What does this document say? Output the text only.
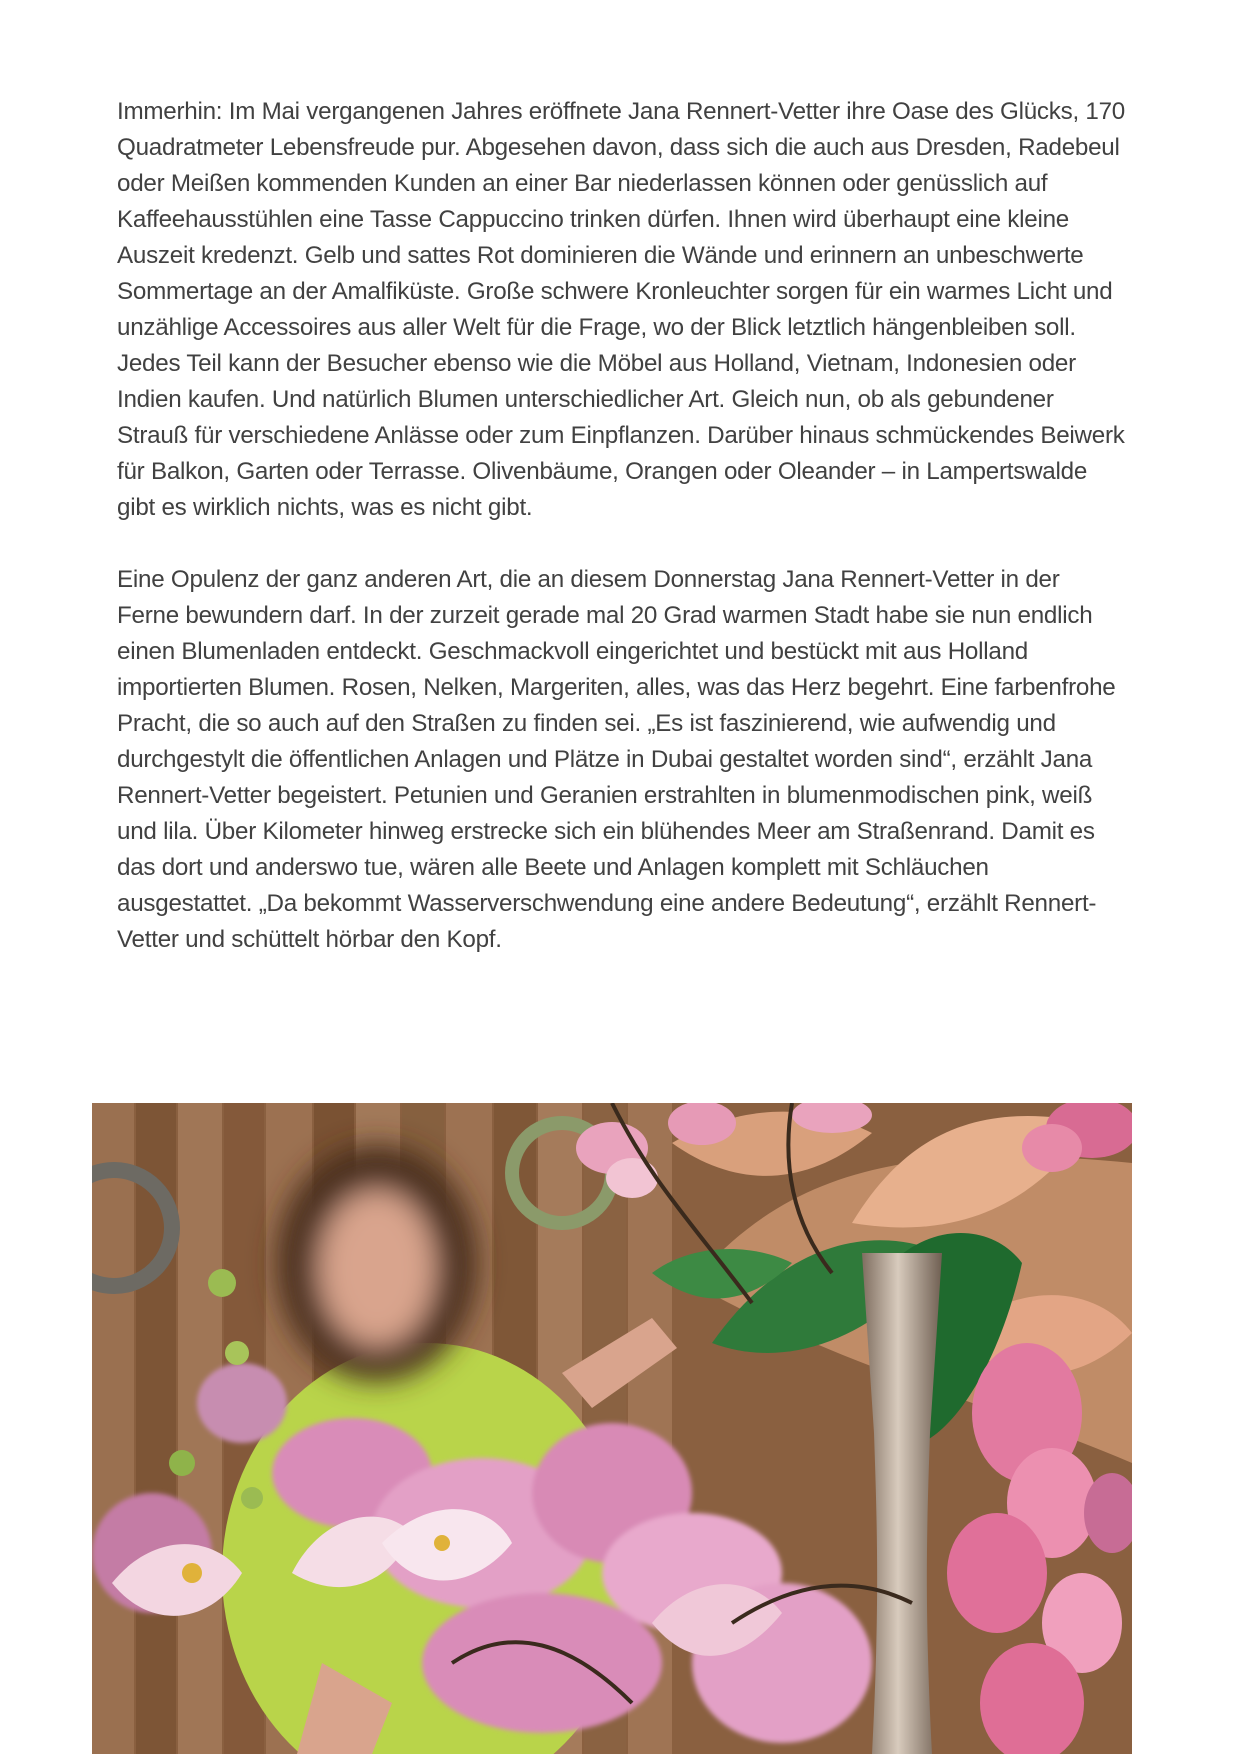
Immerhin: Im Mai vergangenen Jahres eröffnete Jana Rennert-Vetter ihre Oase des Glücks, 170 Quadratmeter Lebensfreude pur. Abgesehen davon, dass sich die auch aus Dresden, Radebeul oder Meißen kommenden Kunden an einer Bar niederlassen können oder genüsslich auf Kaffeehausstühlen eine Tasse Cappuccino trinken dürfen. Ihnen wird überhaupt eine kleine Auszeit kredenzt. Gelb und sattes Rot dominieren die Wände und erinnern an unbeschwerte Sommertage an der Amalfiküste. Große schwere Kronleuchter sorgen für ein warmes Licht und unzählige Accessoires aus aller Welt für die Frage, wo der Blick letztlich hängenbleiben soll. Jedes Teil kann der Besucher ebenso wie die Möbel aus Holland, Vietnam, Indonesien oder Indien kaufen. Und natürlich Blumen unterschiedlicher Art. Gleich nun, ob als gebundener Strauß für verschiedene Anlässe oder zum Einpflanzen. Darüber hinaus schmückendes Beiwerk für Balkon, Garten oder Terrasse. Olivenbäume, Orangen oder Oleander – in Lampertswalde gibt es wirklich nichts, was es nicht gibt.

Eine Opulenz der ganz anderen Art, die an diesem Donnerstag Jana Rennert-Vetter in der Ferne bewundern darf. In der zurzeit gerade mal 20 Grad warmen Stadt habe sie nun endlich einen Blumenladen entdeckt. Geschmackvoll eingerichtet und bestückt mit aus Holland importierten Blumen. Rosen, Nelken, Margeriten, alles, was das Herz begehrt. Eine farbenfrohe Pracht, die so auch auf den Straßen zu finden sei. „Es ist faszinierend, wie aufwendig und durchgestylt die öffentlichen Anlagen und Plätze in Dubai gestaltet worden sind“, erzählt Jana Rennert-Vetter begeistert. Petunien und Geranien erstrahlten in blumenmodischen pink, weiß und lila. Über Kilometer hinweg erstrecke sich ein blühendes Meer am Straßenrand. Damit es das dort und anderswo tue, wären alle Beete und Anlagen komplett mit Schläuchen ausgestattet. „Da bekommt Wasserverschwendung eine andere Bedeutung“, erzählt Rennert-Vetter und schüttelt hörbar den Kopf.
